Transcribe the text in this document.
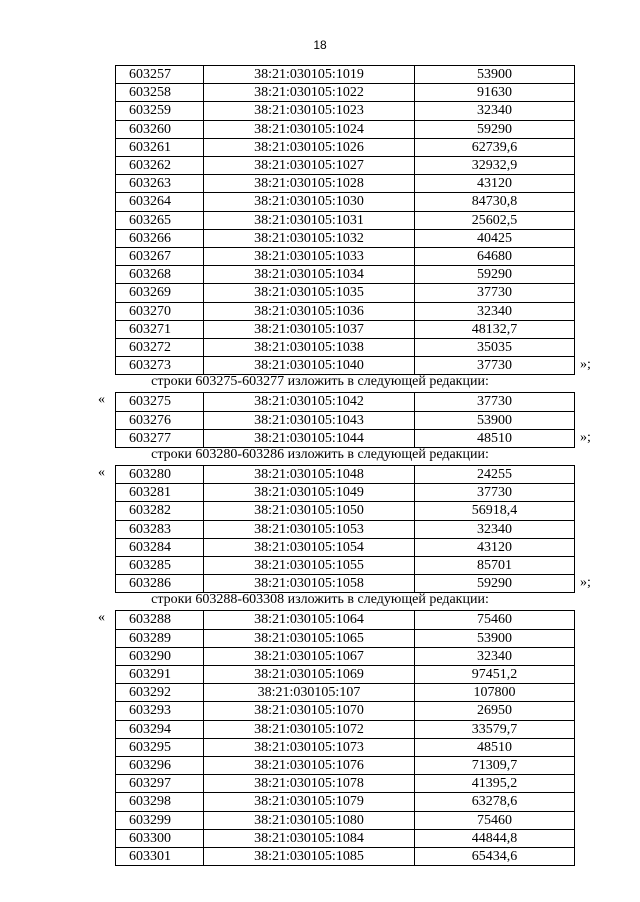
18
603257	38:21:030105:1019	53900
603258	38:21:030105:1022	91630
603259	38:21:030105:1023	32340
603260	38:21:030105:1024	59290
603261	38:21:030105:1026	62739,6
603262	38:21:030105:1027	32932,9
603263	38:21:030105:1028	43120
603264	38:21:030105:1030	84730,8
603265	38:21:030105:1031	25602,5
603266	38:21:030105:1032	40425
603267	38:21:030105:1033	64680
603268	38:21:030105:1034	59290
603269	38:21:030105:1035	37730
603270	38:21:030105:1036	32340
603271	38:21:030105:1037	48132,7
603272	38:21:030105:1038	35035
603273	38:21:030105:1040	37730	»;
строки 603275-603277 изложить в следующей редакции:
603275	38:21:030105:1042	37730
603276	38:21:030105:1043	53900
603277	38:21:030105:1044	48510
«
»;
строки 603280-603286 изложить в следующей редакции:
603280	38:21:030105:1048	24255
603281	38:21:030105:1049	37730
603282	38:21:030105:1050	56918,4
603283	38:21:030105:1053	32340
603284	38:21:030105:1054	43120
603285	38:21:030105:1055	85701
603286	38:21:030105:1058	59290
«
»;
строки 603288-603308 изложить в следующей редакции:
603288	38:21:030105:1064	75460
603289	38:21:030105:1065	53900
603290	38:21:030105:1067	32340
603291	38:21:030105:1069	97451,2
603292	38:21:030105:107	107800
603293	38:21:030105:1070	26950
603294	38:21:030105:1072	33579,7
603295	38:21:030105:1073	48510
603296	38:21:030105:1076	71309,7
603297	38:21:030105:1078	41395,2
603298	38:21:030105:1079	63278,6
603299	38:21:030105:1080	75460
603300	38:21:030105:1084	44844,8
603301	38:21:030105:1085	65434,6
«
